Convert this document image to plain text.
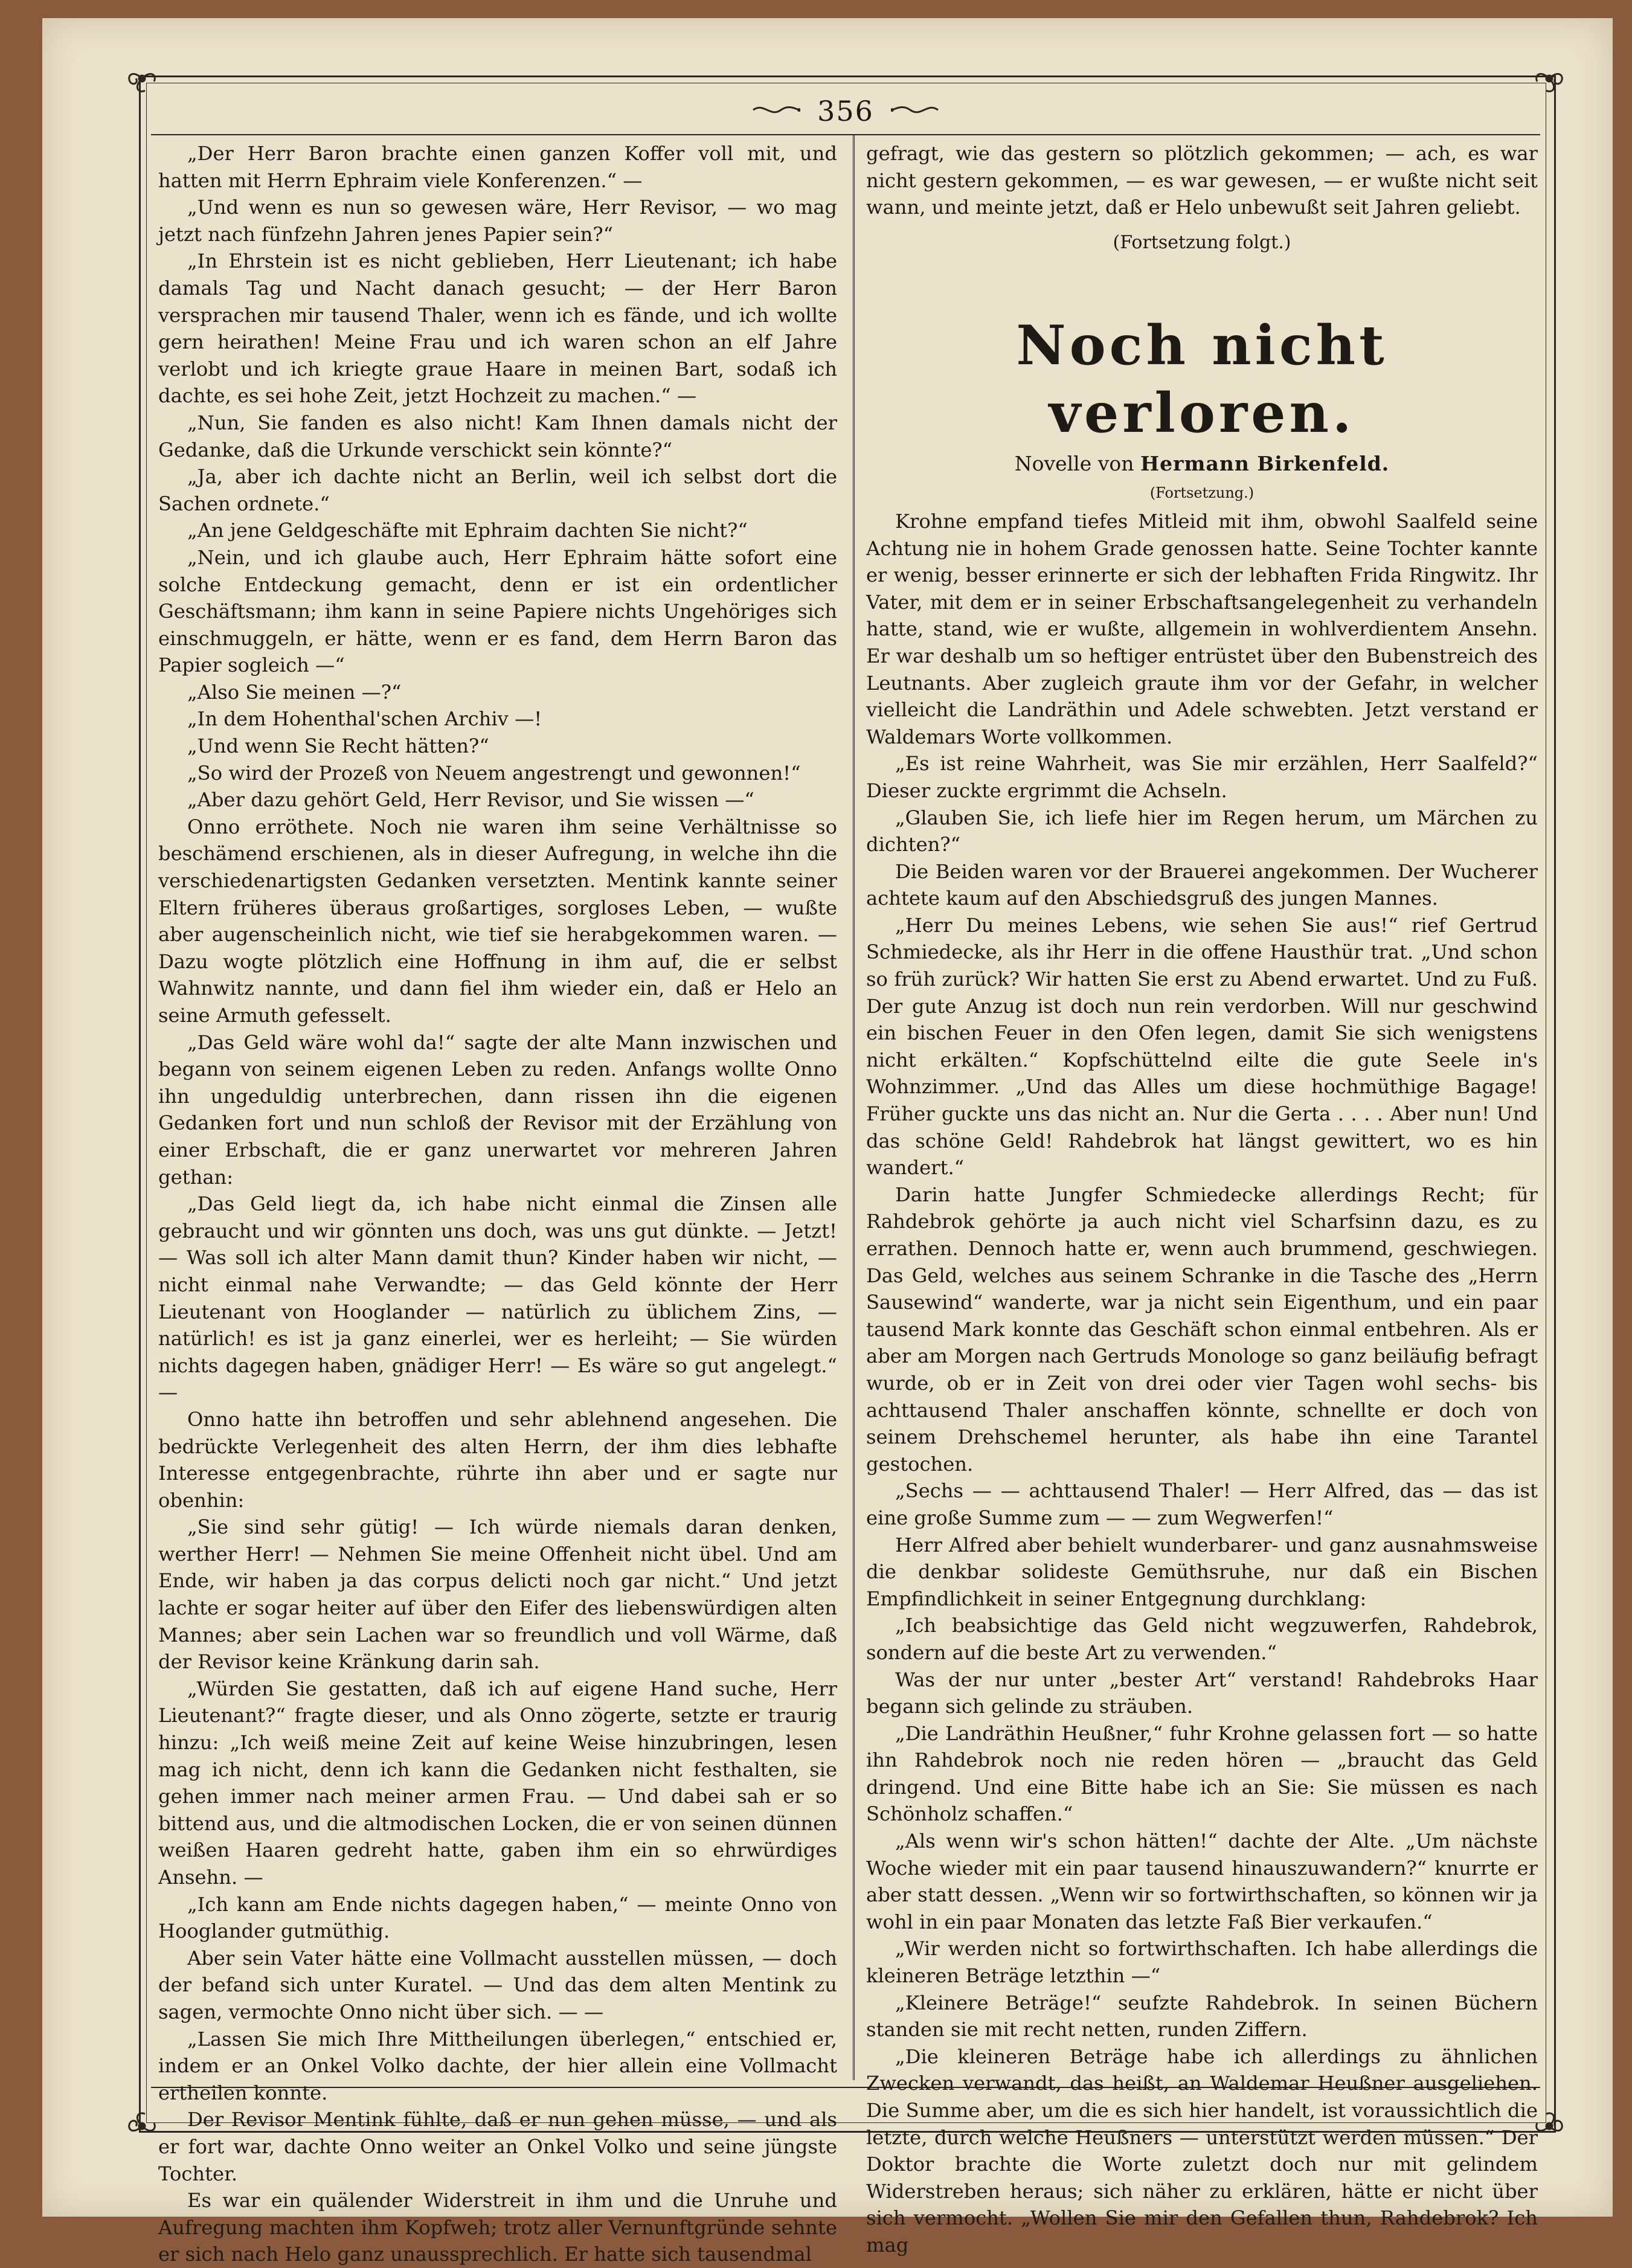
356

„Der Herr Baron brachte einen ganzen Koffer voll mit, und hatten mit Herrn Ephraim viele Konferenzen.“ —

„Und wenn es nun so gewesen wäre, Herr Revisor, — wo mag jetzt nach fünfzehn Jahren jenes Papier sein?“

„In Ehrstein ist es nicht geblieben, Herr Lieutenant; ich habe damals Tag und Nacht danach gesucht; — der Herr Baron versprachen mir tausend Thaler, wenn ich es fände, und ich wollte gern heirathen! Meine Frau und ich waren schon an elf Jahre verlobt und ich kriegte graue Haare in meinen Bart, sodaß ich dachte, es sei hohe Zeit, jetzt Hochzeit zu machen.“ —

„Nun, Sie fanden es also nicht! Kam Ihnen damals nicht der Gedanke, daß die Urkunde verschickt sein könnte?“

„Ja, aber ich dachte nicht an Berlin, weil ich selbst dort die Sachen ordnete.“

„An jene Geldgeschäfte mit Ephraim dachten Sie nicht?“

„Nein, und ich glaube auch, Herr Ephraim hätte sofort eine solche Entdeckung gemacht, denn er ist ein ordentlicher Geschäftsmann; ihm kann in seine Papiere nichts Ungehöriges sich einschmuggeln, er hätte, wenn er es fand, dem Herrn Baron das Papier sogleich —“

„Also Sie meinen —?“

„In dem Hohenthal'schen Archiv —!

„Und wenn Sie Recht hätten?“

„So wird der Prozeß von Neuem angestrengt und gewonnen!“

„Aber dazu gehört Geld, Herr Revisor, und Sie wissen —“

Onno erröthete. Noch nie waren ihm seine Verhältnisse so beschämend erschienen, als in dieser Aufregung, in welche ihn die verschiedenartigsten Gedanken versetzten. Mentink kannte seiner Eltern früheres überaus großartiges, sorgloses Leben, — wußte aber augenscheinlich nicht, wie tief sie herabgekommen waren. — Dazu wogte plötzlich eine Hoffnung in ihm auf, die er selbst Wahnwitz nannte, und dann fiel ihm wieder ein, daß er Helo an seine Armuth gefesselt.

„Das Geld wäre wohl da!“ sagte der alte Mann inzwischen und begann von seinem eigenen Leben zu reden. Anfangs wollte Onno ihn ungeduldig unterbrechen, dann rissen ihn die eigenen Gedanken fort und nun schloß der Revisor mit der Erzählung von einer Erbschaft, die er ganz unerwartet vor mehreren Jahren gethan:

„Das Geld liegt da, ich habe nicht einmal die Zinsen alle gebraucht und wir gönnten uns doch, was uns gut dünkte. — Jetzt! — Was soll ich alter Mann damit thun? Kinder haben wir nicht, — nicht einmal nahe Verwandte; — das Geld könnte der Herr Lieutenant von Hooglander — natürlich zu üblichem Zins, — natürlich! es ist ja ganz einerlei, wer es herleiht; — Sie würden nichts dagegen haben, gnädiger Herr! — Es wäre so gut angelegt.“ —

Onno hatte ihn betroffen und sehr ablehnend angesehen. Die bedrückte Verlegenheit des alten Herrn, der ihm dies lebhafte Interesse entgegenbrachte, rührte ihn aber und er sagte nur obenhin:

„Sie sind sehr gütig! — Ich würde niemals daran denken, werther Herr! — Nehmen Sie meine Offenheit nicht übel. Und am Ende, wir haben ja das corpus delicti noch gar nicht.“ Und jetzt lachte er sogar heiter auf über den Eifer des liebenswürdigen alten Mannes; aber sein Lachen war so freundlich und voll Wärme, daß der Revisor keine Kränkung darin sah.

„Würden Sie gestatten, daß ich auf eigene Hand suche, Herr Lieutenant?“ fragte dieser, und als Onno zögerte, setzte er traurig hinzu: „Ich weiß meine Zeit auf keine Weise hinzubringen, lesen mag ich nicht, denn ich kann die Gedanken nicht festhalten, sie gehen immer nach meiner armen Frau. — Und dabei sah er so bittend aus, und die altmodischen Locken, die er von seinen dünnen weißen Haaren gedreht hatte, gaben ihm ein so ehrwürdiges Ansehn. —

„Ich kann am Ende nichts dagegen haben,“ — meinte Onno von Hooglander gutmüthig.

Aber sein Vater hätte eine Vollmacht ausstellen müssen, — doch der befand sich unter Kuratel. — Und das dem alten Mentink zu sagen, vermochte Onno nicht über sich. — —

„Lassen Sie mich Ihre Mittheilungen überlegen,“ entschied er, indem er an Onkel Volko dachte, der hier allein eine Vollmacht ertheilen konnte.

Der Revisor Mentink fühlte, daß er nun gehen müsse, — und als er fort war, dachte Onno weiter an Onkel Volko und seine jüngste Tochter.

Es war ein quälender Widerstreit in ihm und die Unruhe und Aufregung machten ihm Kopfweh; trotz aller Vernunftgründe sehnte er sich nach Helo ganz unaussprechlich. Er hatte sich tausendmal

gefragt, wie das gestern so plötzlich gekommen; — ach, es war nicht gestern gekommen, — es war gewesen, — er wußte nicht seit wann, und meinte jetzt, daß er Helo unbewußt seit Jahren geliebt.

(Fortsetzung folgt.)

Noch nicht verloren.

Novelle von Hermann Birkenfeld.

(Fortsetzung.)

Krohne empfand tiefes Mitleid mit ihm, obwohl Saalfeld seine Achtung nie in hohem Grade genossen hatte. Seine Tochter kannte er wenig, besser erinnerte er sich der lebhaften Frida Ringwitz. Ihr Vater, mit dem er in seiner Erbschaftsangelegenheit zu verhandeln hatte, stand, wie er wußte, allgemein in wohlverdientem Ansehn. Er war deshalb um so heftiger entrüstet über den Bubenstreich des Leutnants. Aber zugleich graute ihm vor der Gefahr, in welcher vielleicht die Landräthin und Adele schwebten. Jetzt verstand er Waldemars Worte vollkommen.

„Es ist reine Wahrheit, was Sie mir erzählen, Herr Saalfeld?“ Dieser zuckte ergrimmt die Achseln.

„Glauben Sie, ich liefe hier im Regen herum, um Märchen zu dichten?“

Die Beiden waren vor der Brauerei angekommen. Der Wucherer achtete kaum auf den Abschiedsgruß des jungen Mannes.

„Herr Du meines Lebens, wie sehen Sie aus!“ rief Gertrud Schmiedecke, als ihr Herr in die offene Hausthür trat. „Und schon so früh zurück? Wir hatten Sie erst zu Abend erwartet. Und zu Fuß. Der gute Anzug ist doch nun rein verdorben. Will nur geschwind ein bischen Feuer in den Ofen legen, damit Sie sich wenigstens nicht erkälten.“ Kopfschüttelnd eilte die gute Seele in's Wohnzimmer. „Und das Alles um diese hochmüthige Bagage! Früher guckte uns das nicht an. Nur die Gerta . . . . Aber nun! Und das schöne Geld! Rahdebrok hat längst gewittert, wo es hin wandert.“

Darin hatte Jungfer Schmiedecke allerdings Recht; für Rahdebrok gehörte ja auch nicht viel Scharfsinn dazu, es zu errathen. Dennoch hatte er, wenn auch brummend, geschwiegen. Das Geld, welches aus seinem Schranke in die Tasche des „Herrn Sausewind“ wanderte, war ja nicht sein Eigenthum, und ein paar tausend Mark konnte das Geschäft schon einmal entbehren. Als er aber am Morgen nach Gertruds Monologe so ganz beiläufig befragt wurde, ob er in Zeit von drei oder vier Tagen wohl sechs- bis achttausend Thaler anschaffen könnte, schnellte er doch von seinem Drehschemel herunter, als habe ihn eine Tarantel gestochen.

„Sechs — — achttausend Thaler! — Herr Alfred, das — das ist eine große Summe zum — — zum Wegwerfen!“

Herr Alfred aber behielt wunderbarer- und ganz ausnahmsweise die denkbar solideste Gemüthsruhe, nur daß ein Bischen Empfindlichkeit in seiner Entgegnung durchklang:

„Ich beabsichtige das Geld nicht wegzuwerfen, Rahdebrok, sondern auf die beste Art zu verwenden.“

Was der nur unter „bester Art“ verstand! Rahdebroks Haar begann sich gelinde zu sträuben.

„Die Landräthin Heußner,“ fuhr Krohne gelassen fort — so hatte ihn Rahdebrok noch nie reden hören — „braucht das Geld dringend. Und eine Bitte habe ich an Sie: Sie müssen es nach Schönholz schaffen.“

„Als wenn wir's schon hätten!“ dachte der Alte. „Um nächste Woche wieder mit ein paar tausend hinauszuwandern?“ knurrte er aber statt dessen. „Wenn wir so fortwirthschaften, so können wir ja wohl in ein paar Monaten das letzte Faß Bier verkaufen.“

„Wir werden nicht so fortwirthschaften. Ich habe allerdings die kleineren Beträge letzthin —“

„Kleinere Beträge!“ seufzte Rahdebrok. In seinen Büchern standen sie mit recht netten, runden Ziffern.

„Die kleineren Beträge habe ich allerdings zu ähnlichen Zwecken verwandt, das heißt, an Waldemar Heußner ausgeliehen. Die Summe aber, um die es sich hier handelt, ist voraussichtlich die letzte, durch welche Heußners — unterstützt werden müssen.“ Der Doktor brachte die Worte zuletzt doch nur mit gelindem Widerstreben heraus; sich näher zu erklären, hätte er nicht über sich vermocht. „Wollen Sie mir den Gefallen thun, Rahdebrok? Ich mag
